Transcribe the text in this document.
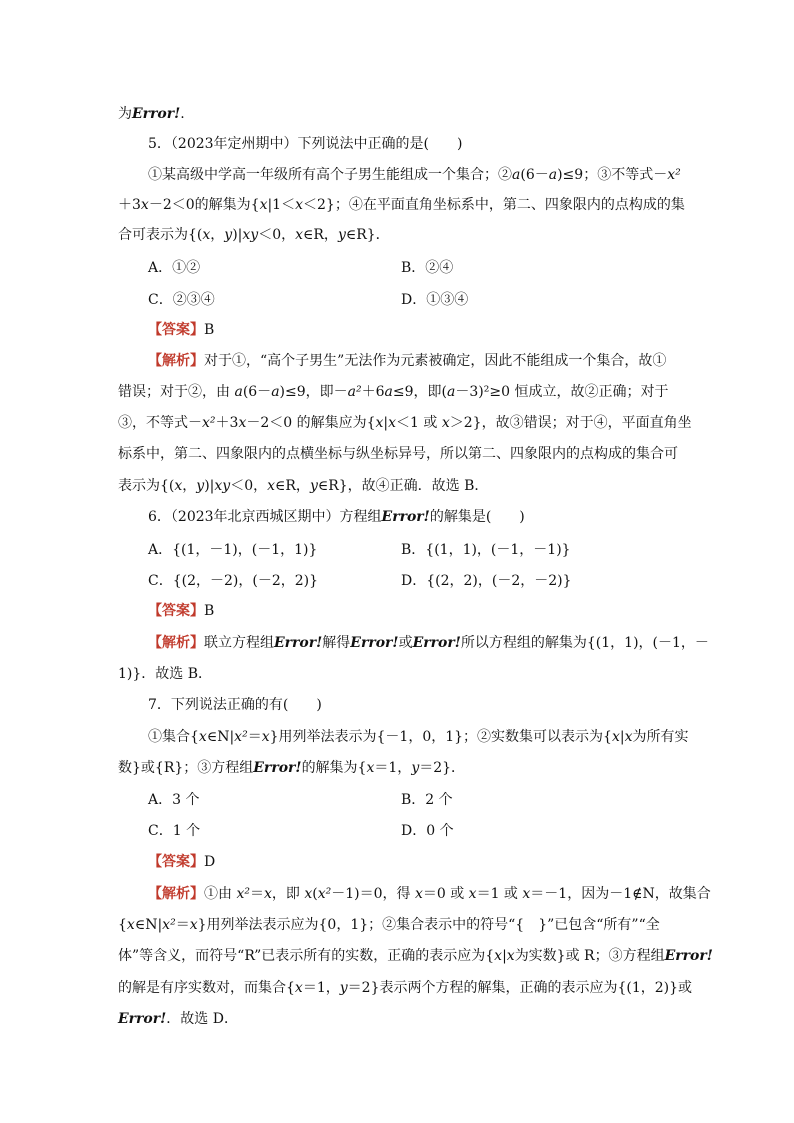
为Error!.
5．（2023年定州期中）下列说法中正确的是(　　)
①某高级中学高一年级所有高个子男生能组成一个集合；②a(6－a)≤9；③不等式－x²
＋3x－2＜0的解集为{x|1＜x＜2}；④在平面直角坐标系中，第二、四象限内的点构成的集
合可表示为{(x，y)|xy＜0，x∈R，y∈R}．
A．①②	B．②④
C．②③④	D．①③④
【答案】B
【解析】对于①，“高个子男生”无法作为元素被确定，因此不能组成一个集合，故①
错误；对于②，由 a(6－a)≤9，即－a²＋6a≤9，即(a－3)²≥0 恒成立，故②正确；对于
③，不等式－x²＋3x－2＜0 的解集应为{x|x＜1 或 x＞2}，故③错误；对于④，平面直角坐
标系中，第二、四象限内的点横坐标与纵坐标异号，所以第二、四象限内的点构成的集合可
表示为{(x，y)|xy＜0，x∈R，y∈R}，故④正确．故选 B．
6．（2023年北京西城区期中）方程组Error!的解集是(　　)
A．{(1，－1)，(－1，1)}	B．{(1，1)，(－1，－1)}
C．{(2，－2)，(－2，2)}	D．{(2，2)，(－2，－2)}
【答案】B
【解析】联立方程组Error!解得Error!或Error!所以方程组的解集为{(1，1)，(－1，－
1)}．故选 B．
7．下列说法正确的有(　　)
①集合{x∈N|x²＝x}用列举法表示为{－1，0，1}；②实数集可以表示为{x|x为所有实
数}或{R}；③方程组Error!的解集为{x＝1，y＝2}．
A．3 个	B．2 个
C．1 个	D．0 个
【答案】D
【解析】①由 x²＝x，即 x(x²－1)＝0，得 x＝0 或 x＝1 或 x＝－1，因为－1∉N，故集合
{x∈N|x²＝x}用列举法表示应为{0，1}；②集合表示中的符号“{　}”已包含“所有”“全
体”等含义，而符号“R”已表示所有的实数，正确的表示应为{x|x为实数}或 R；③方程组Error!
的解是有序实数对，而集合{x＝1，y＝2}表示两个方程的解集，正确的表示应为{(1，2)}或
Error!．故选 D．
